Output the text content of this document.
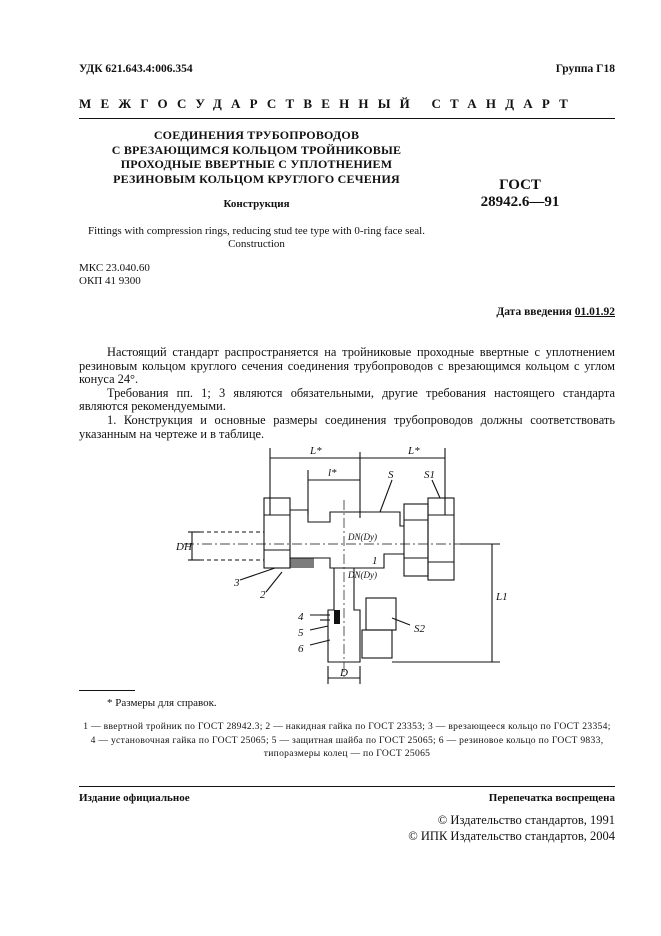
УДК 621.643.4:006.354	Группа Г18
МЕЖГОСУДАРСТВЕННЫЙ СТАНДАРТ
СОЕДИНЕНИЯ ТРУБОПРОВОДОВ
С ВРЕЗАЮЩИМСЯ КОЛЬЦОМ ТРОЙНИКОВЫЕ
ПРОХОДНЫЕ ВВЕРТНЫЕ С УПЛОТНЕНИЕМ
РЕЗИНОВЫМ КОЛЬЦОМ КРУГЛОГО СЕЧЕНИЯ
Конструкция
ГОСТ
28942.6—91
Fittings with compression rings, reducing stud tee type with 0-ring face seal.
Construction
МКС 23.040.60
ОКП 41 9300
Дата введения 01.01.92
Настоящий стандарт распространяется на тройниковые проходные ввертные с уплотнением резиновым кольцом круглого сечения соединения трубопроводов с врезающимся кольцом с углом конуса 24°.
Требования пп. 1; 3 являются обязательными, другие требования настоящего стандарта являются рекомендуемыми.
1. Конструкция и основные размеры соединения трубопроводов должны соответствовать указанным на чертеже и в таблице.
L*	L*
l*
L1
D
DН
DN(Dу)
DN(Dу)
S	S1
S2
3
2
4
5
6
1
* Размеры для справок.
1 — ввертной тройник по ГОСТ 28942.3; 2 — накидная гайка по ГОСТ 23353; 3 — врезающееся кольцо по ГОСТ 23354;
4 — установочная гайка по ГОСТ 25065; 5 — защитная шайба по ГОСТ 25065; 6 — резиновое кольцо по ГОСТ 9833,
типоразмеры колец — по ГОСТ 25065
Издание официальное	Перепечатка воспрещена
© Издательство стандартов, 1991
© ИПК Издательство стандартов, 2004
